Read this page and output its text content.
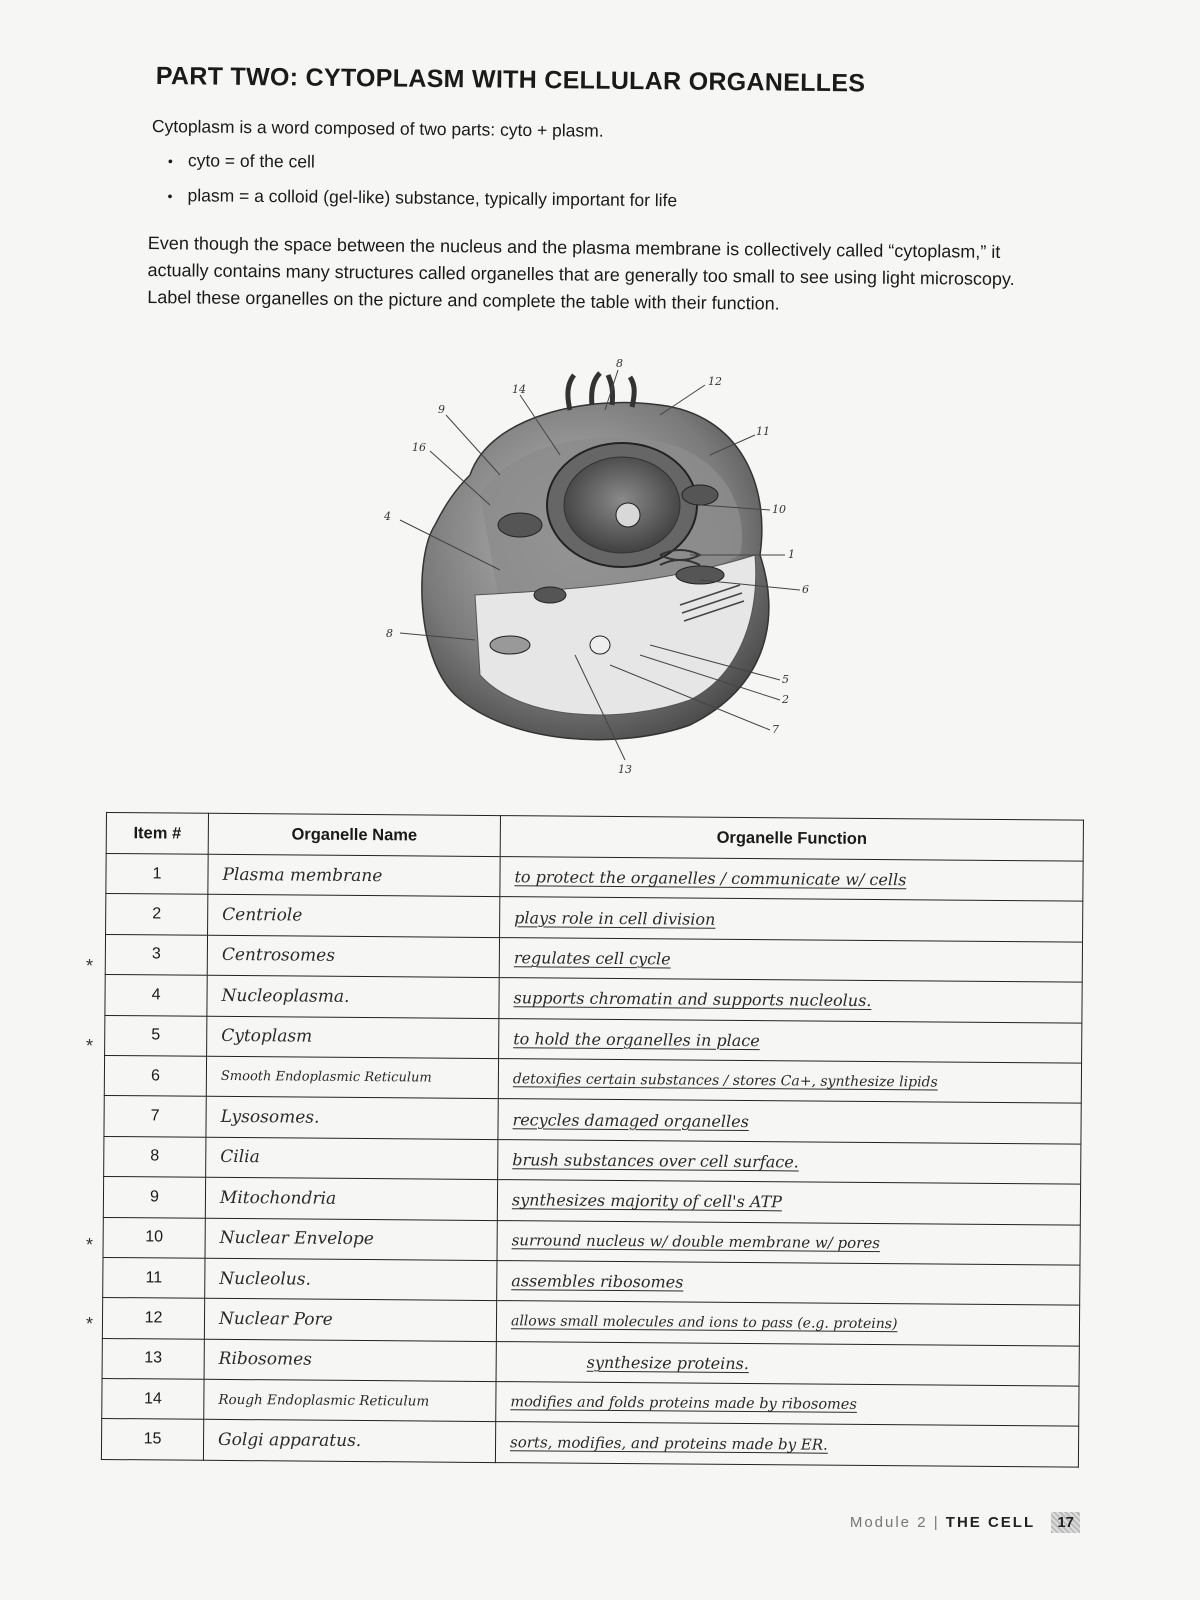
PART TWO: CYTOPLASM WITH CELLULAR ORGANELLES
Cytoplasm is a word composed of two parts: cyto + plasm.
• cyto = of the cell
• plasm = a colloid (gel-like) substance, typically important for life
Even though the space between the nucleus and the plasma membrane is collectively called “cytoplasm,” it actually contains many structures called organelles that are generally too small to see using light microscopy. Label these organelles on the picture and complete the table with their function.
8
9
14
12
11
16
4
10
1
6
8
5
2
7
13
*
*
*
*
Item #	Organelle Name	Organelle Function
1	Plasma membrane	to protect the organelles / communicate w/ cells
2	Centriole	plays role in cell division
3	Centrosomes	regulates cell cycle
4	Nucleoplasma.	supports chromatin and supports nucleolus.
5	Cytoplasm	to hold the organelles in place
6	Smooth Endoplasmic Reticulum	detoxifies certain substances / stores Ca+, synthesize lipids
7	Lysosomes.	recycles damaged organelles
8	Cilia	brush substances over cell surface.
9	Mitochondria	synthesizes majority of cell's ATP
10	Nuclear Envelope	surround nucleus w/ double membrane w/ pores
11	Nucleolus.	assembles ribosomes
12	Nuclear Pore	allows small molecules and ions to pass (e.g. proteins)
13	Ribosomes	synthesize proteins.
14	Rough Endoplasmic Reticulum	modifies and folds proteins made by ribosomes
15	Golgi apparatus.	sorts, modifies, and proteins made by ER.
Module 2 | THE CELL 17
